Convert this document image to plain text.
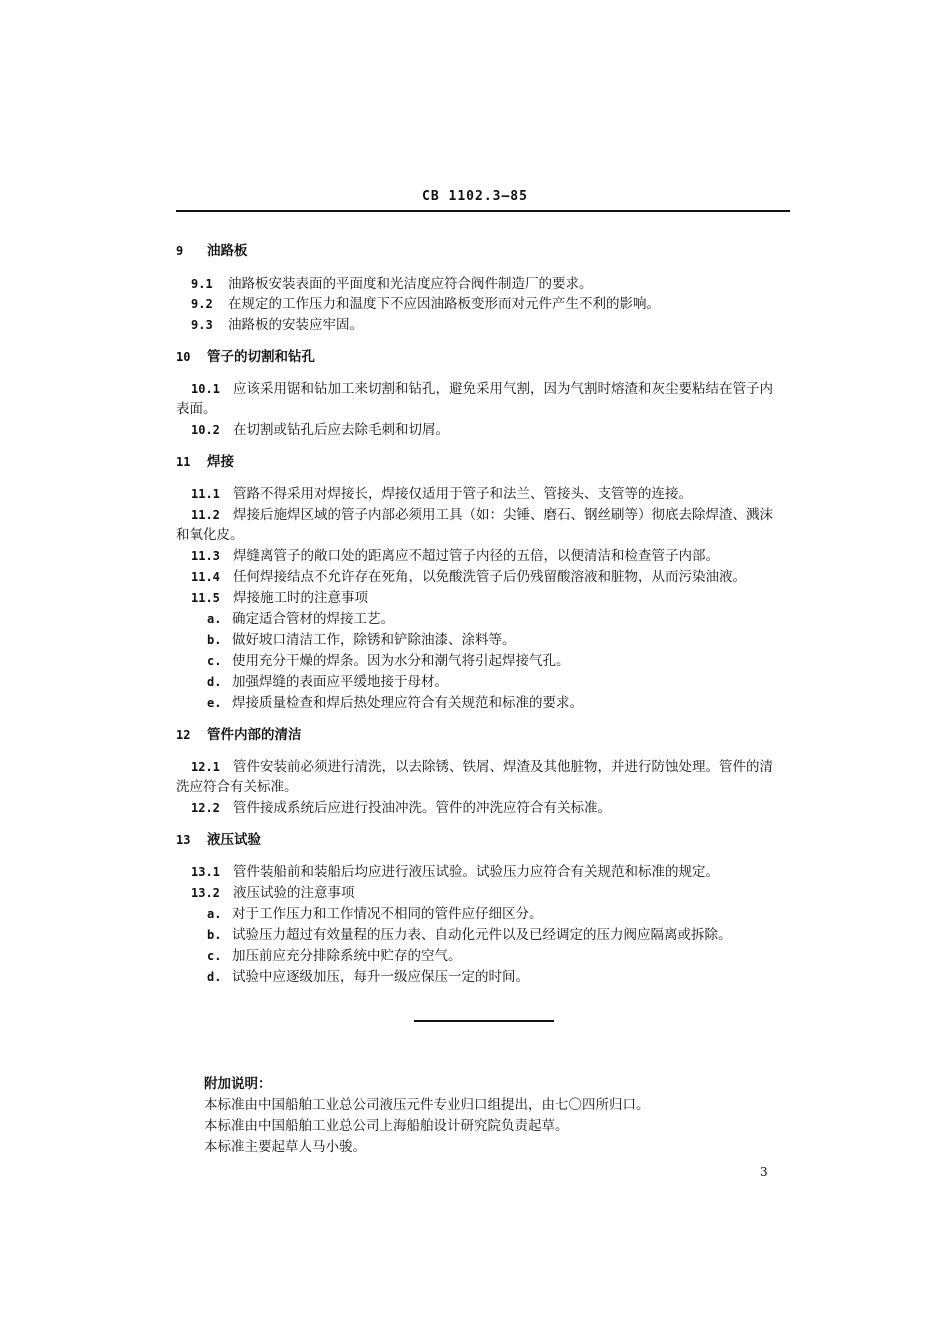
CB 1102.3—85
9 油路板
9.1 油路板安装表面的平面度和光洁度应符合阀件制造厂的要求。
9.2 在规定的工作压力和温度下不应因油路板变形而对元件产生不利的影响。
9.3 油路板的安装应牢固。
10 管子的切割和钻孔
10.1 应该采用锯和钻加工来切割和钻孔，避免采用气割，因为气割时熔渣和灰尘要粘结在管子内
表面。
10.2 在切割或钻孔后应去除毛刺和切屑。
11 焊接
11.1 管路不得采用对焊接长，焊接仅适用于管子和法兰、管接头、支管等的连接。
11.2 焊接后施焊区域的管子内部必须用工具（如：尖锤、磨石、钢丝刷等）彻底去除焊渣、溅沫
和氧化皮。
11.3 焊缝离管子的敞口处的距离应不超过管子内径的五倍，以便清洁和检查管子内部。
11.4 任何焊接结点不允许存在死角，以免酸洗管子后仍残留酸溶液和脏物，从而污染油液。
11.5 焊接施工时的注意事项
a. 确定适合管材的焊接工艺。
b. 做好坡口清洁工作，除锈和铲除油漆、涂料等。
c. 使用充分干燥的焊条。因为水分和潮气将引起焊接气孔。
d. 加强焊缝的表面应平缓地接于母材。
e. 焊接质量检查和焊后热处理应符合有关规范和标准的要求。
12 管件内部的清洁
12.1 管件安装前必须进行清洗，以去除锈、铁屑、焊渣及其他脏物，并进行防蚀处理。管件的清
洗应符合有关标准。
12.2 管件接成系统后应进行投油冲洗。管件的冲洗应符合有关标准。
13 液压试验
13.1 管件装船前和装船后均应进行液压试验。试验压力应符合有关规范和标准的规定。
13.2 液压试验的注意事项
a. 对于工作压力和工作情况不相同的管件应仔细区分。
b. 试验压力超过有效量程的压力表、自动化元件以及已经调定的压力阀应隔离或拆除。
c. 加压前应充分排除系统中贮存的空气。
d. 试验中应逐级加压，每升一级应保压一定的时间。
附加说明：
本标准由中国船舶工业总公司液压元件专业归口组提出，由七〇四所归口。
本标准由中国船舶工业总公司上海船舶设计研究院负责起草。
本标准主要起草人马小骏。
3
